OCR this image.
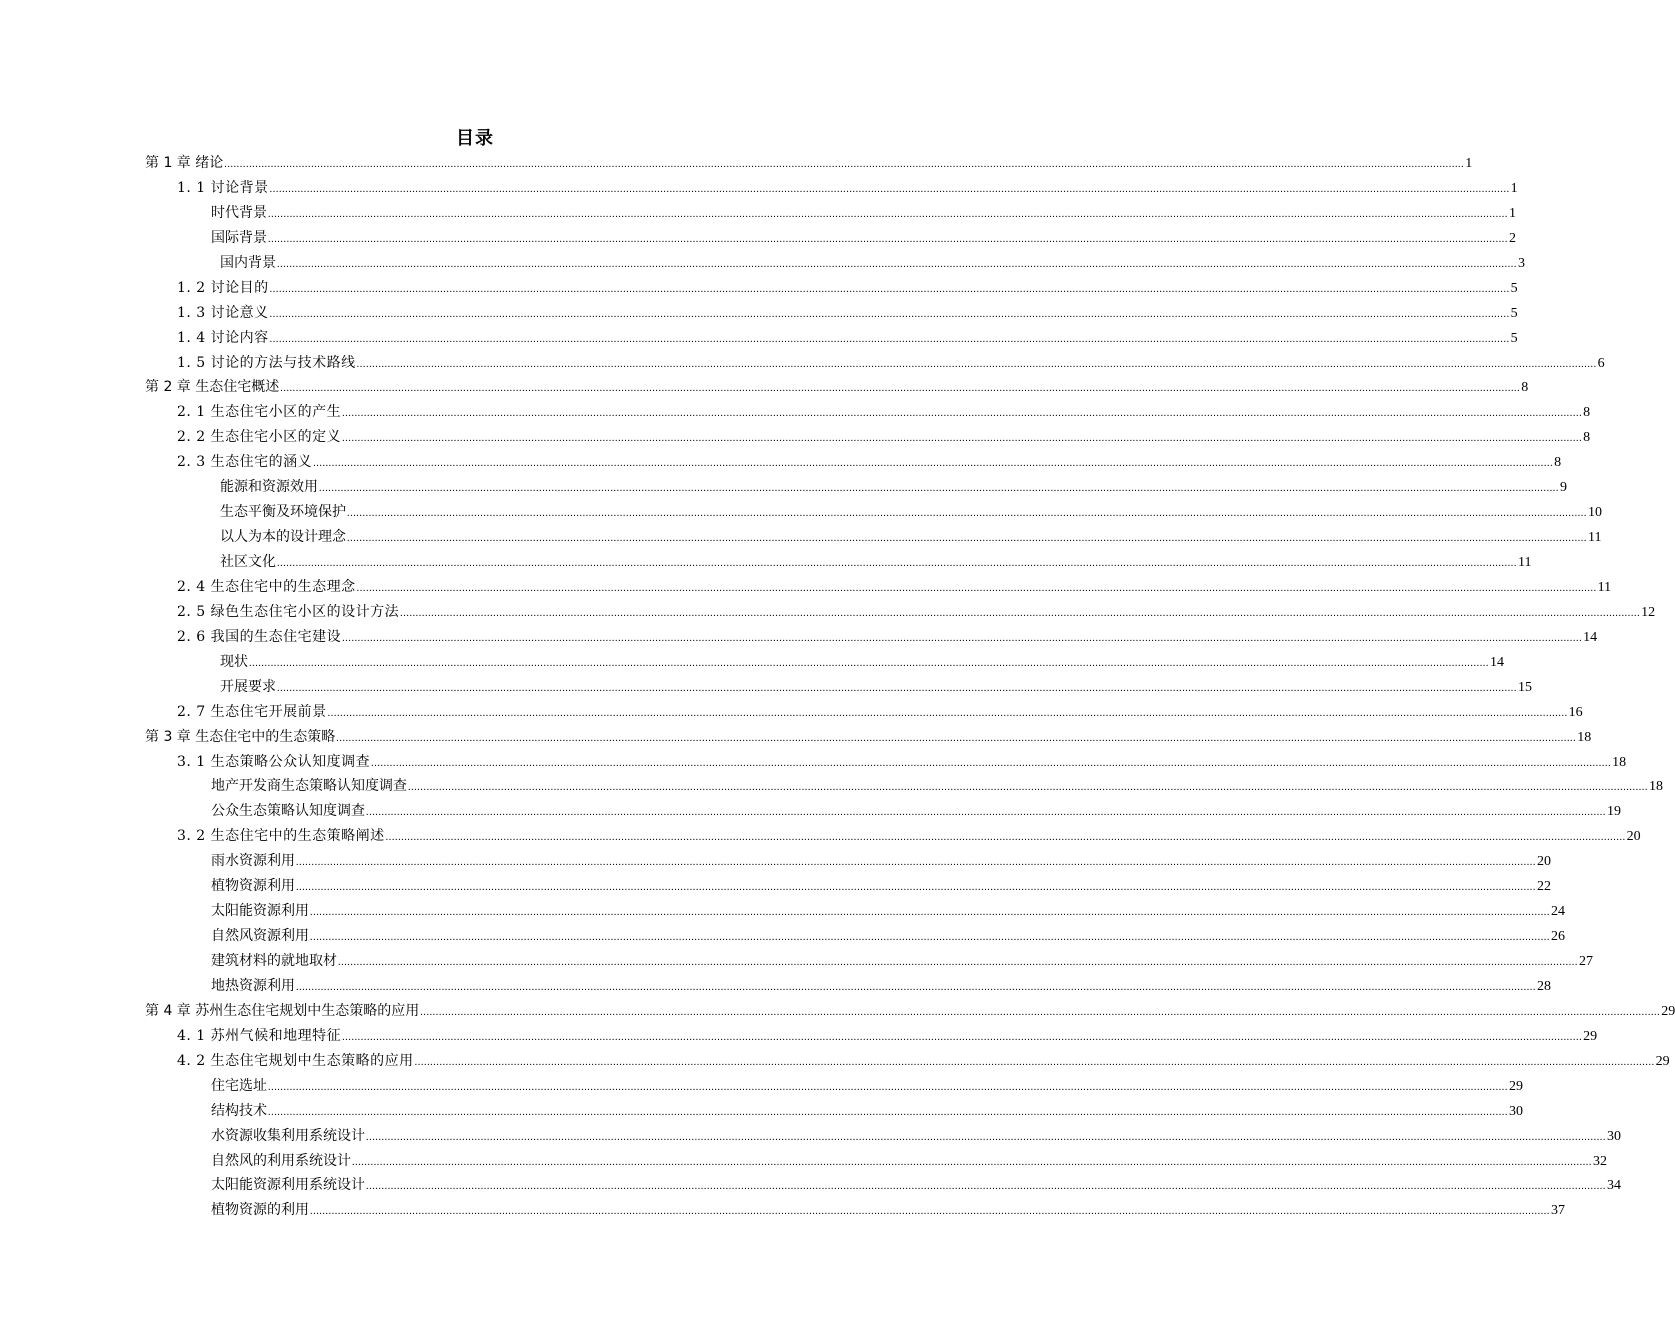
目录
第 1 章 绪论 ................................................................................................................................................................................................................................................................................................................................................................................................................ 1
1. 1 讨论背景 ................................................................................................................................................................................................................................................................................................................................................................................................................ 1
时代背景 ................................................................................................................................................................................................................................................................................................................................................................................................................ 1
国际背景 ................................................................................................................................................................................................................................................................................................................................................................................................................ 2
国内背景 ................................................................................................................................................................................................................................................................................................................................................................................................................ 3
1. 2 讨论目的 ................................................................................................................................................................................................................................................................................................................................................................................................................ 5
1. 3 讨论意义 ................................................................................................................................................................................................................................................................................................................................................................................................................ 5
1. 4 讨论内容 ................................................................................................................................................................................................................................................................................................................................................................................................................ 5
1. 5 讨论的方法与技术路线 ................................................................................................................................................................................................................................................................................................................................................................................................................ 6
第 2 章 生态住宅概述 ................................................................................................................................................................................................................................................................................................................................................................................................................ 8
2. 1 生态住宅小区的产生 ................................................................................................................................................................................................................................................................................................................................................................................................................ 8
2. 2 生态住宅小区的定义 ................................................................................................................................................................................................................................................................................................................................................................................................................ 8
2. 3 生态住宅的涵义 ................................................................................................................................................................................................................................................................................................................................................................................................................ 8
能源和资源效用 ................................................................................................................................................................................................................................................................................................................................................................................................................ 9
生态平衡及环境保护 ................................................................................................................................................................................................................................................................................................................................................................................................................ 10
以人为本的设计理念 ................................................................................................................................................................................................................................................................................................................................................................................................................ 11
社区文化 ................................................................................................................................................................................................................................................................................................................................................................................................................ 11
2. 4 生态住宅中的生态理念 ................................................................................................................................................................................................................................................................................................................................................................................................................ 11
2. 5 绿色生态住宅小区的设计方法 ................................................................................................................................................................................................................................................................................................................................................................................................................ 12
2. 6 我国的生态住宅建设 ................................................................................................................................................................................................................................................................................................................................................................................................................ 14
现状 ................................................................................................................................................................................................................................................................................................................................................................................................................ 14
开展要求 ................................................................................................................................................................................................................................................................................................................................................................................................................ 15
2. 7 生态住宅开展前景 ................................................................................................................................................................................................................................................................................................................................................................................................................ 16
第 3 章 生态住宅中的生态策略 ................................................................................................................................................................................................................................................................................................................................................................................................................ 18
3. 1 生态策略公众认知度调查 ................................................................................................................................................................................................................................................................................................................................................................................................................ 18
地产开发商生态策略认知度调查 ................................................................................................................................................................................................................................................................................................................................................................................................................ 18
公众生态策略认知度调查 ................................................................................................................................................................................................................................................................................................................................................................................................................ 19
3. 2 生态住宅中的生态策略阐述 ................................................................................................................................................................................................................................................................................................................................................................................................................ 20
雨水资源利用 ................................................................................................................................................................................................................................................................................................................................................................................................................ 20
植物资源利用 ................................................................................................................................................................................................................................................................................................................................................................................................................ 22
太阳能资源利用 ................................................................................................................................................................................................................................................................................................................................................................................................................ 24
自然风资源利用 ................................................................................................................................................................................................................................................................................................................................................................................................................ 26
建筑材料的就地取材 ................................................................................................................................................................................................................................................................................................................................................................................................................ 27
地热资源利用 ................................................................................................................................................................................................................................................................................................................................................................................................................ 28
第 4 章 苏州生态住宅规划中生态策略的应用 ................................................................................................................................................................................................................................................................................................................................................................................................................ 29
4. 1 苏州气候和地理特征 ................................................................................................................................................................................................................................................................................................................................................................................................................ 29
4. 2 生态住宅规划中生态策略的应用 ................................................................................................................................................................................................................................................................................................................................................................................................................ 29
住宅选址 ................................................................................................................................................................................................................................................................................................................................................................................................................ 29
结构技术 ................................................................................................................................................................................................................................................................................................................................................................................................................ 30
水资源收集利用系统设计 ................................................................................................................................................................................................................................................................................................................................................................................................................ 30
自然风的利用系统设计 ................................................................................................................................................................................................................................................................................................................................................................................................................ 32
太阳能资源利用系统设计 ................................................................................................................................................................................................................................................................................................................................................................................................................ 34
植物资源的利用 ................................................................................................................................................................................................................................................................................................................................................................................................................ 37
